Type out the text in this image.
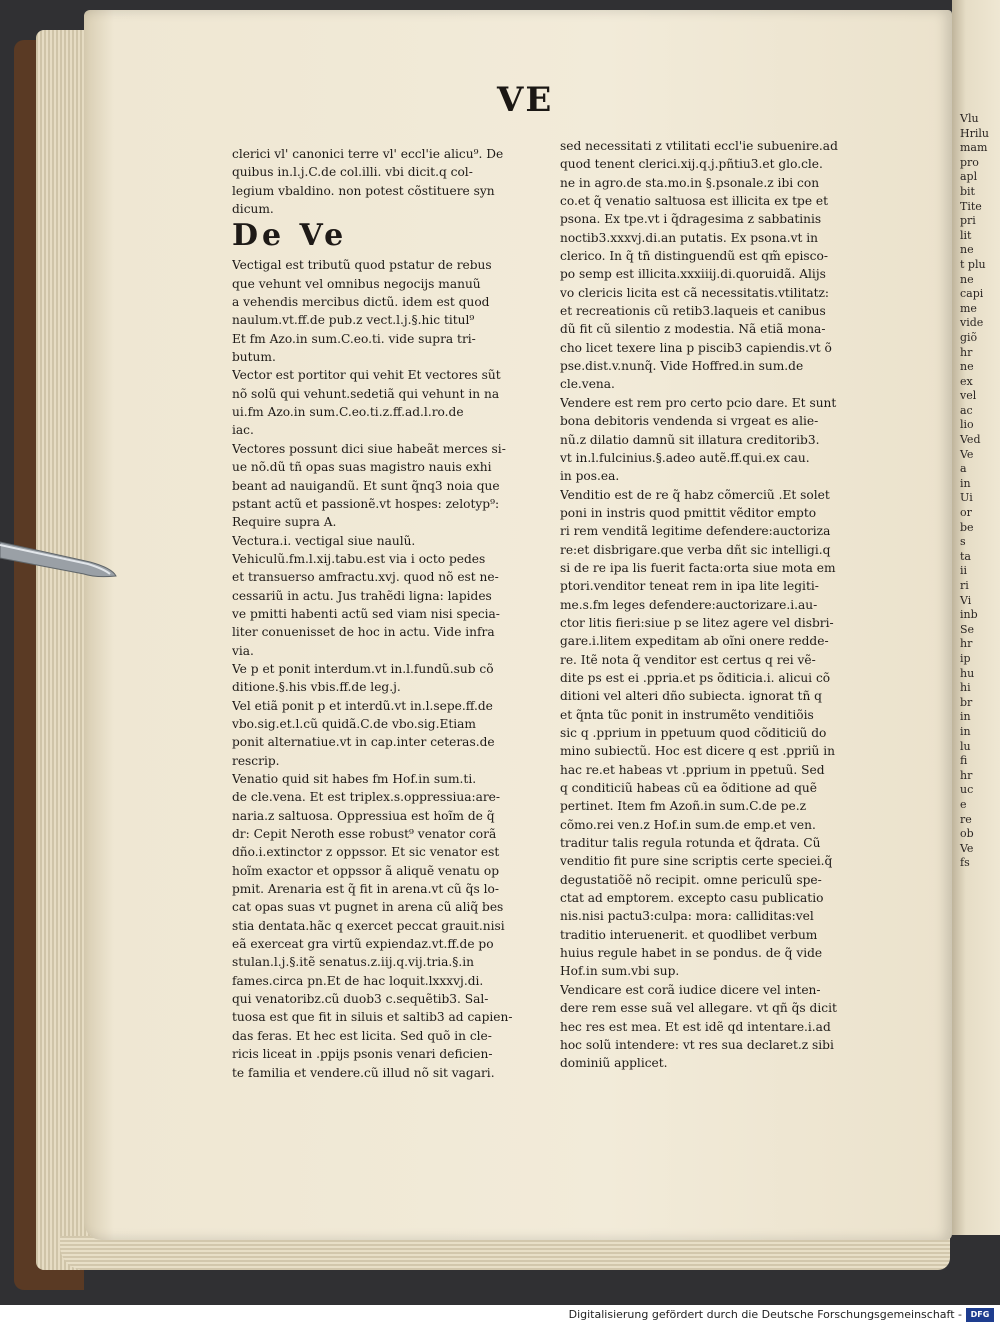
Vlu
Hrilu
mam
pro
apl
bit
Tite
pri
lit
ne
t plu
ne
capi
me
vide
giõ
hr
ne
ex
vel
ac
lio
Ved
Ve
a
in
Ui
or
be
s
ta
ii
ri
Vi
inb
Se
hr
ip
hu
hi
br
in
in
lu
fi
hr
uc
e
re
ob
Ve
fs
VE
clerici vl' canonici terre vl' eccl'ie alicu⁹. De
quibus in.l.j.C.de col.illi. vbi dicit.q col-
legium vbaldino. non potest cõstituere syn
dicum.
De Ve
Vectigal est tributũ quod pstatur de rebus
que vehunt vel omnibus negocijs manuũ
a vehendis mercibus dictũ. idem est quod
naulum.vt.ff.de pub.z vect.l.j.§.hic titul⁹
Et fm Azo.in sum.C.eo.ti. vide supra tri-
butum.
Vector est portitor qui vehit Et vectores sũt
nõ solũ qui vehunt.sedetiã qui vehunt in na
ui.fm Azo.in sum.C.eo.ti.z.ff.ad.l.ro.de
iac.
Vectores possunt dici siue habeãt merces si-
ue nõ.dũ tñ opas suas magistro nauis exhi
beant ad nauigandũ. Et sunt q̃nq3 noia que
pstant actũ et passionẽ.vt hospes: zelotyp⁹:
Require supra A.
Vectura.i. vectigal siue naulũ.
Vehiculũ.fm.l.xij.tabu.est via i octo pedes
et transuerso amfractu.xvj. quod nõ est ne-
cessariũ in actu. Jus trahẽdi ligna: lapides
ve pmitti habenti actũ sed viam nisi specia-
liter conuenisset de hoc in actu. Vide infra
via.
Ve p et ponit interdum.vt in.l.fundũ.sub cõ
ditione.§.his vbis.ff.de leg.j.
Vel etiã ponit p et interdũ.vt in.l.sepe.ff.de
vbo.sig.et.l.cũ quidã.C.de vbo.sig.Etiam
ponit alternatiue.vt in cap.inter ceteras.de
rescrip.
Venatio quid sit habes fm Hof.in sum.ti.
de cle.vena. Et est triplex.s.oppressiua:are-
naria.z saltuosa. Oppressiua est hoĩm de q̃
dr: Cepit Neroth esse robust⁹ venator corã
dño.i.extinctor z oppssor. Et sic venator est
hoĩm exactor et oppssor ã aliquẽ venatu op
pmit. Arenaria est q̃ fit in arena.vt cũ q̃s lo-
cat opas suas vt pugnet in arena cũ aliq̃ bes
stia dentata.hãc q exercet peccat grauit.nisi
eã exerceat gra virtũ expiendaz.vt.ff.de po
stulan.l.j.§.itẽ senatus.z.iij.q.vij.tria.§.in
fames.circa pn.Et de hac loquit.lxxxvj.di.
qui venatoribz.cũ duob3 c.sequẽtib3. Sal-
tuosa est que fit in siluis et saltib3 ad capien-
das feras. Et hec est licita. Sed quõ in cle-
ricis liceat in .ppijs psonis venari deficien-
te familia et vendere.cũ illud nõ sit vagari.
sed necessitati z vtilitati eccl'ie subuenire.ad
quod tenent clerici.xij.q.j.pñtiu3.et glo.cle.
ne in agro.de sta.mo.in §.psonale.z ibi con
co.et q̃ venatio saltuosa est illicita ex tpe et
psona. Ex tpe.vt i q̃dragesima z sabbatinis
noctib3.xxxvj.di.an putatis. Ex psona.vt in
clerico. In q̃ tñ distinguendũ est qm̃ episco-
po semp est illicita.xxxiiij.di.quoruidã. Alijs
vo clericis licita est cã necessitatis.vtilitatz:
et recreationis cũ retib3.laqueis et canibus
dũ fit cũ silentio z modestia. Nã etiã mona-
cho licet texere lina p piscib3 capiendis.vt õ
pse.dist.v.nunq̃. Vide Hoffred.in sum.de
cle.vena.
Vendere est rem pro certo pcio dare. Et sunt
bona debitoris vendenda si vrgeat es alie-
nũ.z dilatio damnũ sit illatura creditorib3.
vt in.l.fulcinius.§.adeo autẽ.ff.qui.ex cau.
in pos.ea.
Venditio est de re q̃ habz cõmerciũ .Et solet
poni in instris quod pmittit vẽditor empto
ri rem venditã legitime defendere:auctoriza
re:et disbrigare.que verba dñt sic intelligi.q
si de re ipa lis fuerit facta:orta siue mota em
ptori.venditor teneat rem in ipa lite legiti-
me.s.fm leges defendere:auctorizare.i.au-
ctor litis fieri:siue p se litez agere vel disbri-
gare.i.litem expeditam ab oĩni onere redde-
re. Itẽ nota q̃ venditor est certus q rei vẽ-
dite ps est ei .ppria.et ps õditicia.i. alicui cõ
ditioni vel alteri dño subiecta. ignorat tñ q
et q̃nta tũc ponit in instrumẽto venditiõis
sic q .pprium in ppetuum quod cõditiciũ do
mino subiectũ. Hoc est dicere q est .ppriũ in
hac re.et habeas vt .pprium in ppetuũ. Sed
q conditiciũ habeas cũ ea õditione ad quẽ
pertinet. Item fm Azoñ.in sum.C.de pe.z
cõmo.rei ven.z Hof.in sum.de emp.et ven.
traditur talis regula rotunda et q̃drata. Cũ
venditio fit pure sine scriptis certe speciei.q̃
degustatiõẽ nõ recipit. omne periculũ spe-
ctat ad emptorem. excepto casu publicatio
nis.nisi pactu3:culpa: mora: calliditas:vel
traditio interuenerit. et quodlibet verbum
huius regule habet in se pondus. de q̃ vide
Hof.in sum.vbi sup.
Vendicare est corã iudice dicere vel inten-
dere rem esse suã vel allegare. vt qñ q̃s dicit
hec res est mea. Et est idẽ qd intentare.i.ad
hoc solũ intendere: vt res sua declaret.z sibi
dominiũ applicet.
Digitalisierung gefördert durch die Deutsche Forschungsgemeinschaft -	DFG
